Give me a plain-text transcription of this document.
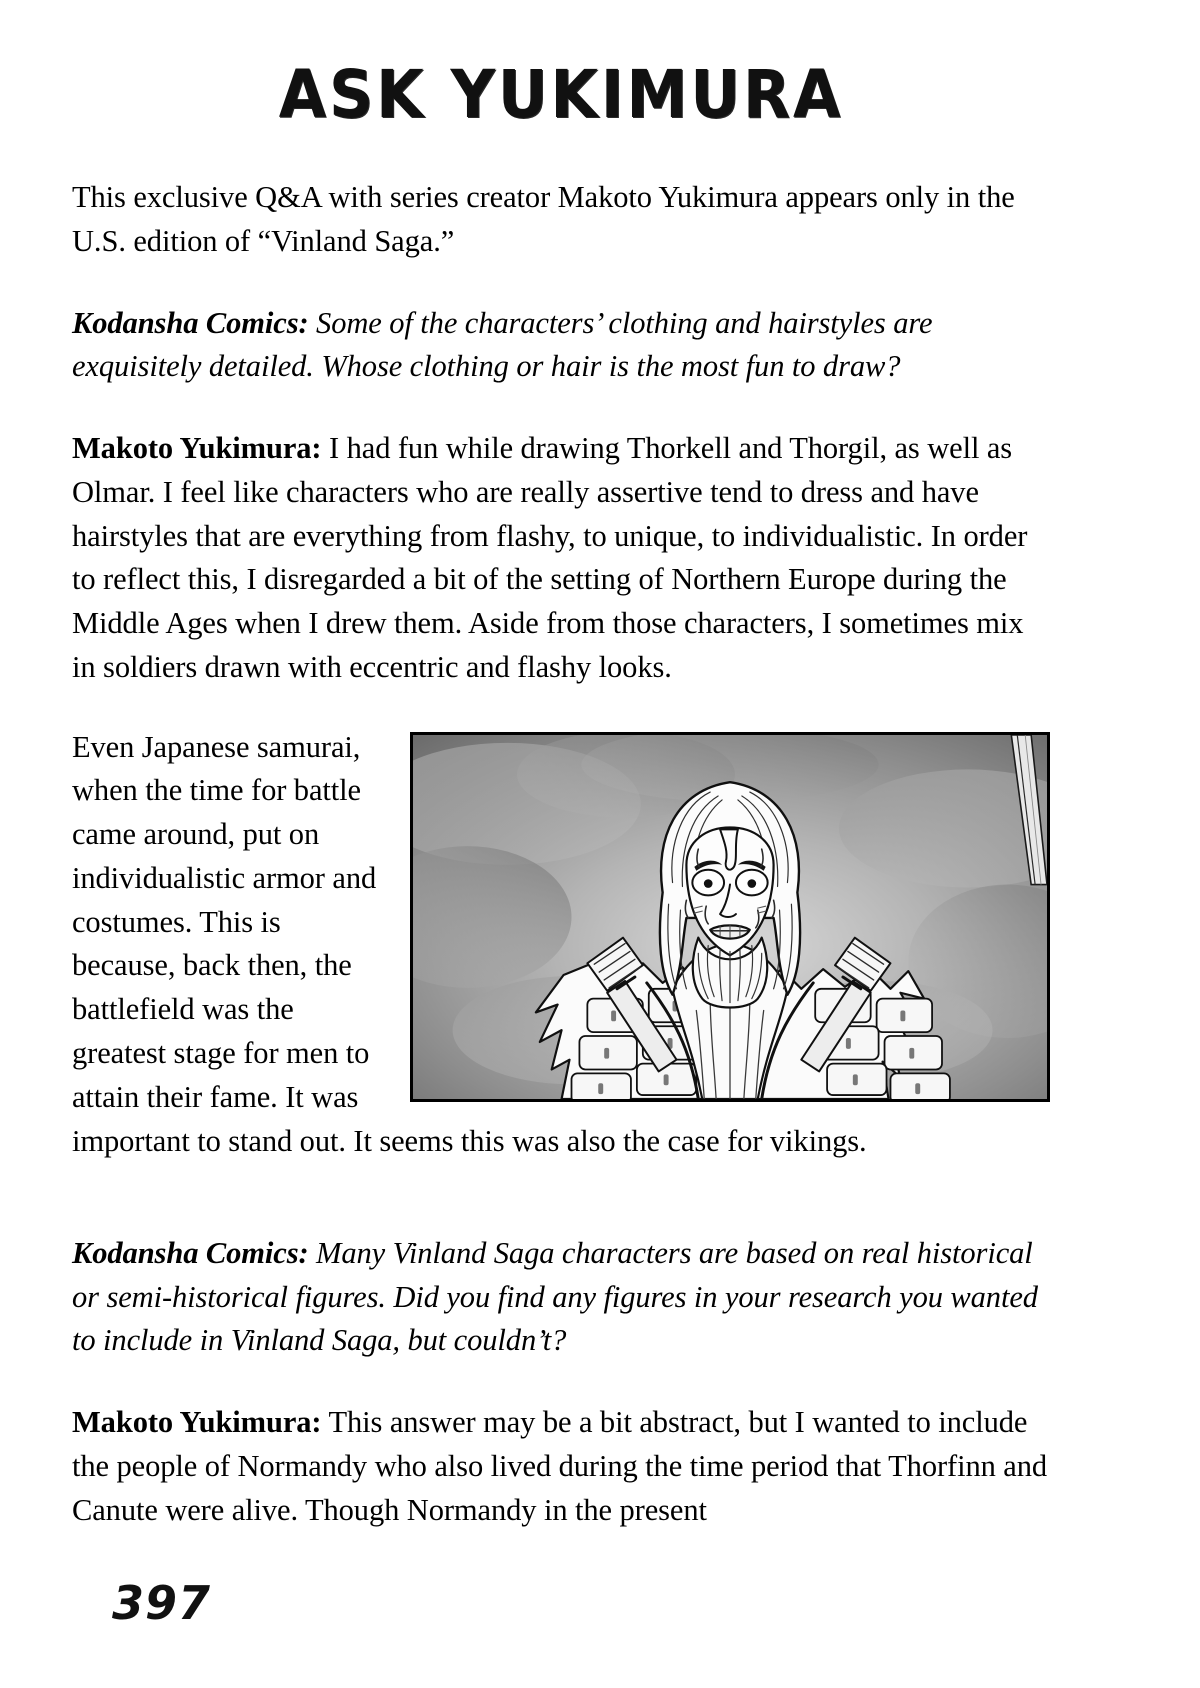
ASK YUKIMURA

This exclusive Q&A with series creator Makoto Yukimura appears only in the U.S. edition of “Vinland Saga.”

Kodansha Comics: Some of the characters’ clothing and hairstyles are exquisitely detailed. Whose clothing or hair is the most fun to draw?

Makoto Yukimura: I had fun while drawing Thorkell and Thorgil, as well as Olmar. I feel like characters who are really assertive tend to dress and have hairstyles that are everything from flashy, to unique, to individualistic. In order to reflect this, I disregarded a bit of the setting of Northern Europe during the Middle Ages when I drew them. Aside from those characters, I sometimes mix in soldiers drawn with eccentric and flashy looks.

Even Japanese samurai, when the time for battle came around, put on individualistic armor and costumes. This is because, back then, the battlefield was the greatest stage for men to attain their fame. It was important to stand out. It seems this was also the case for vikings.

Kodansha Comics: Many Vinland Saga characters are based on real historical or semi-historical figures. Did you find any figures in your research you wanted to include in Vinland Saga, but couldn’t?

Makoto Yukimura: This answer may be a bit abstract, but I wanted to include the people of Normandy who also lived during the time period that Thorfinn and Canute were alive. Though Normandy in the present

397
